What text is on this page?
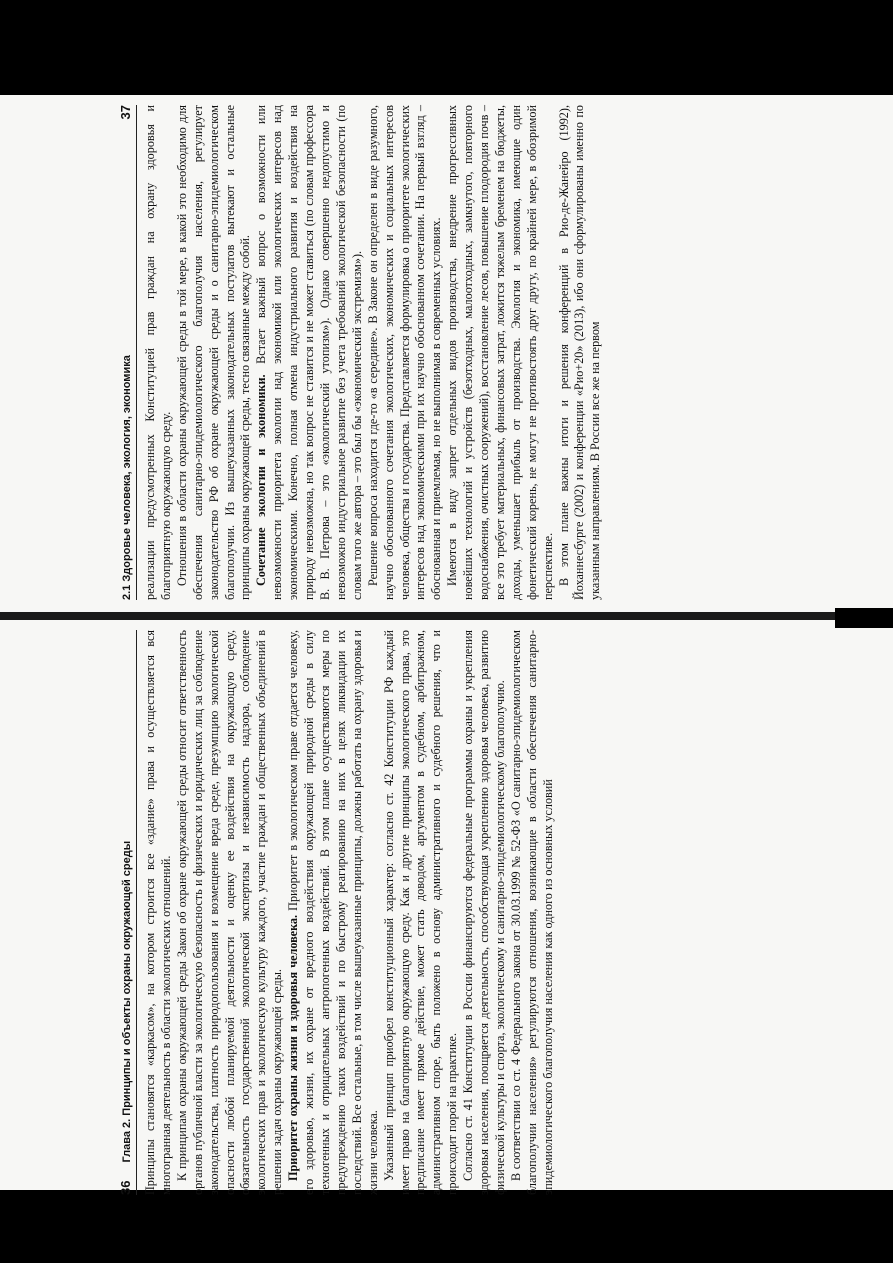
2.1 Здоровье человека, экология, экономика
37 реализации предусмотренных Конституцией прав граждан на охрану здоровья и благоприятную окружающую среду. Отношения в области охраны окружающей среды в той мере, в какой это необходимо для обеспечения санитарно-эпидемиологического благополучия населения, регулирует законодательство РФ об охране окружающей среды и о санитарно-эпидемиологическом благополучии. Из вышеуказанных законодательных постулатов вытекают и остальные принципы охраны окружающей среды, тесно связанные между собой. Сочетание экологии и экономики. Встает важный вопрос о возможности или невозможности приоритета экологии над экономикой или экологических интересов над экономическими. Конечно, полная отмена индустриального развития и воздействия на природу невозможна, но так вопрос не ставится и не может ставиться (по словам профессора В. В. Петрова – это «экологический утопизм»). Однако совершенно недопустимо и невозможно индустриальное развитие без учета требований экологической безопасности (по словам того же автора – это был бы «экономический экстремизм»). Решение вопроса находится где-то «в середине». В Законе он определен в виде разумного, научно обоснованного сочетания экологических, экономических и социальных интересов человека, общества и государства. Представляется формулировка о приоритете экологических интересов над экономическими при их научно обоснованном сочетании. На первый взгляд – обоснованная и приемлемая, но не выполнимая в современных условиях. Имеются в виду запрет отдельных видов производства, внедрение прогрессивных новейших технологий и устройств (безотходных, малоотходных, замкнутого, повторного водоснабжения, очистных сооружений), восстановление лесов, повышение плодородия почв – все это требует материальных, финансовых затрат, ложится тяжелым бременем на бюджеты, доходы, уменьшает прибыль от производства. Экология и экономика, имеющие один фонетический корень, не могут не противостоять друг другу, по крайней мере, в обозримой перспективе. В этом плане важны итоги и решения конференций в Рио-де-Жанейро (1992), Йоханнесбурге (2002) и конференции «Рио+20» (2013), ибо они сформулированы именно по указанным направлениям. В России все же на первом

36
Глава 2. Принципы и объекты охраны окружающей среды Принципы становятся «каркасом», на котором строится все «здание» права и осуществляется вся многогранная деятельность в области экологических отношений. К принципам охраны окружающей среды Закон об охране окружающей среды относит ответственность органов публичной власти за экологическую безопасность и физических и юридических лиц за соблюдение законодательства, платность природопользования и возмещение вреда среде, презумпцию экологической опасности любой планируемой деятельности и оценку ее воздействия на окружающую среду, обязательность государственной экологической экспертизы и независимость надзора, соблюдение экологических прав и экологическую культуру каждого, участие граждан и общественных объединений в решении задач охраны окружающей среды. Приоритет охраны жизни и здоровья человека. Приоритет в экологическом праве отдается человеку, его здоровью, жизни, их охране от вредного воздействия окружающей природной среды в силу техногенных и отрицательных антропогенных воздействий. В этом плане осуществляются меры по предупреждению таких воздействий и по быстрому реагированию на них в целях ликвидации их последствий. Все остальные, в том числе вышеуказанные принципы, должны работать на охрану здоровья и жизни человека. Указанный принцип приобрел конституционный характер: согласно ст. 42 Конституции РФ каждый имеет право на благоприятную окружающую среду. Как и другие принципы экологического права, это предписание имеет прямое действие, может стать доводом, аргументом в судебном, арбитражном, административном споре, быть положено в основу административного и судебного решения, что и происходит порой на практике. Согласно ст. 41 Конституции в России финансируются федеральные программы охраны и укрепления здоровья населения, поощряется деятельность, способствующая укреплению здоровья человека, развитию физической культуры и спорта, экологическому и санитарно-эпидемиологическому благополучию. В соответствии со ст. 4 Федерального закона от 30.03.1999 № 52-ФЗ «О санитарно-эпидемиологическом благополучии населения» регулируются отношения, возникающие в области обеспечения санитарно-эпидемиологического благополучия населения как одного из основных условий
